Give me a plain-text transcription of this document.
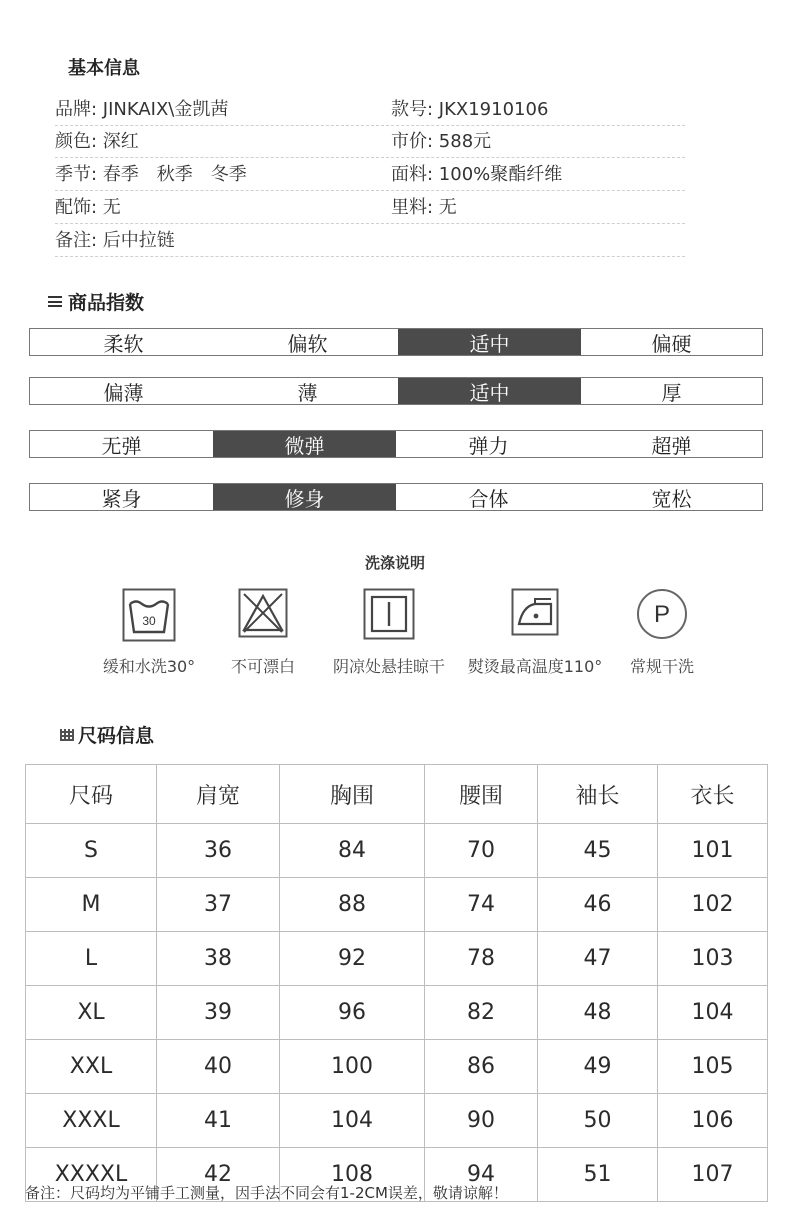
基本信息
品牌: JINKAIX\金凯茜	款号: JKX1910106
颜色: 深红	市价: 588元
季节: 春季 秋季 冬季	面料: 100%聚酯纤维
配饰: 无	里料: 无
备注: 后中拉链
商品指数
柔软	偏软	适中	偏硬
偏薄	薄	适中	厚
无弹	微弹	弹力	超弹
紧身	修身	合体	宽松
洗涤说明
30
缓和水洗30° 不可漂白 阴凉处悬挂晾干 熨烫最高温度110°
P
常规干洗
尺码信息
尺码	肩宽	胸围	腰围	袖长	衣长
S	36	84	70	45	101
M	37	88	74	46	102
L	38	92	78	47	103
XL	39	96	82	48	104
XXL	40	100	86	49	105
XXXL	41	104	90	50	106
XXXXL	42	108	94	51	107
备注：尺码均为平铺手工测量，因手法不同会有1-2CM误差，敬请谅解！
